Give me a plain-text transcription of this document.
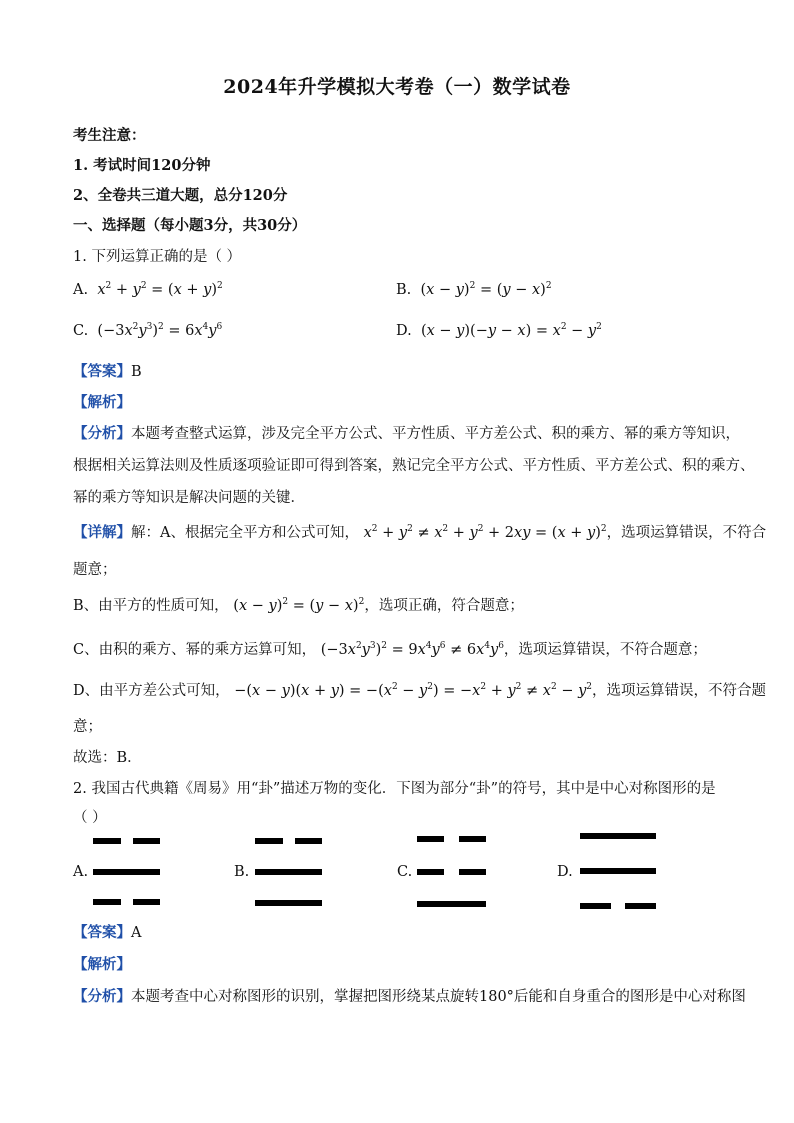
2024年升学模拟大考卷（一）数学试卷
考生注意：
1. 考试时间120分钟
2、全卷共三道大题，总分120分
一、选择题（每小题3分，共30分）
1. 下列运算正确的是（ ）
A. $x^2 + y^2 = (x + y)^2$	B. $(x - y)^2 = (y - x)^2$
C. $(-3x^2y^3)^2 = 6x^4y^6$	D. $(x - y)(-y - x) = x^2 - y^2$
【答案】B
【解析】
【分析】本题考查整式运算，涉及完全平方公式、平方性质、平方差公式、积的乘方、幂的乘方等知识，
根据相关运算法则及性质逐项验证即可得到答案，熟记完全平方公式、平方性质、平方差公式、积的乘方、
幂的乘方等知识是解决问题的关键．
【详解】解：A、根据完全平方和公式可知， $x^2 + y^2 \ne x^2 + y^2 + 2xy = (x + y)^2$，选项运算错误，不符合
题意；
B、由平方的性质可知， $(x - y)^2 = (y - x)^2$，选项正确，符合题意；
C、由积的乘方、幂的乘方运算可知， $(-3x^2y^3)^2 = 9x^4y^6 \ne 6x^4y^6$，选项运算错误，不符合题意；
D、由平方差公式可知， $-(x - y)(x + y) = -(x^2 - y^2) = -x^2 + y^2 \ne x^2 - y^2$，选项运算错误，不符合题
意；
故选：B．
2. 我国古代典籍《周易》用“卦”描述万物的变化．下图为部分“卦”的符号，其中是中心对称图形的是
（ ）
A.	B.	C.	D.
【答案】A
【解析】
【分析】本题考查中心对称图形的识别，掌握把图形绕某点旋转180°后能和自身重合的图形是中心对称图
